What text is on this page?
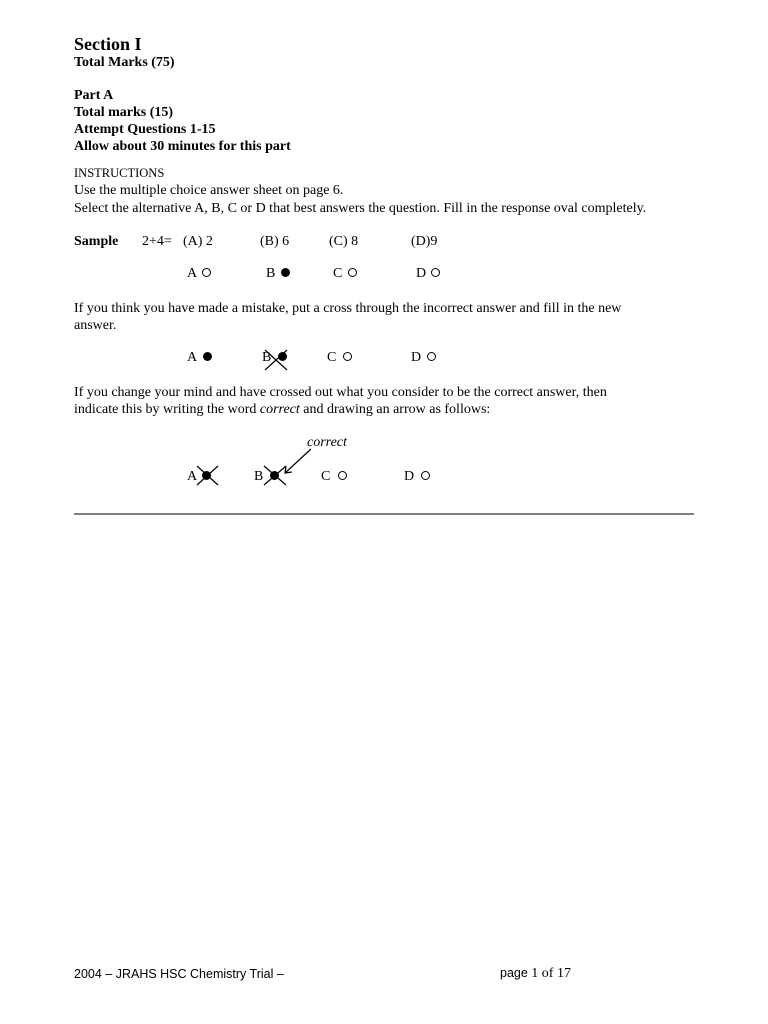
Section I
Total Marks (75)
Part A
Total marks (15)
Attempt Questions 1-15
Allow about 30 minutes for this part
INSTRUCTIONS
Use the multiple choice answer sheet on page 6.
Select the alternative A, B, C or D that best answers the question. Fill in the response oval completely.
Sample 2+4= (A) 2	(B) 6	(C) 8	(D)9
A	B	C	D
If you think you have made a mistake, put a cross through the incorrect answer and fill in the new
answer.
A	B	C	D
If you change your mind and have crossed out what you consider to be the correct answer, then
indicate this by writing the word correct and drawing an arrow as follows:
correct
A	B	C	D
2004 – JRAHS HSC Chemistry Trial –	page 1 of 17
